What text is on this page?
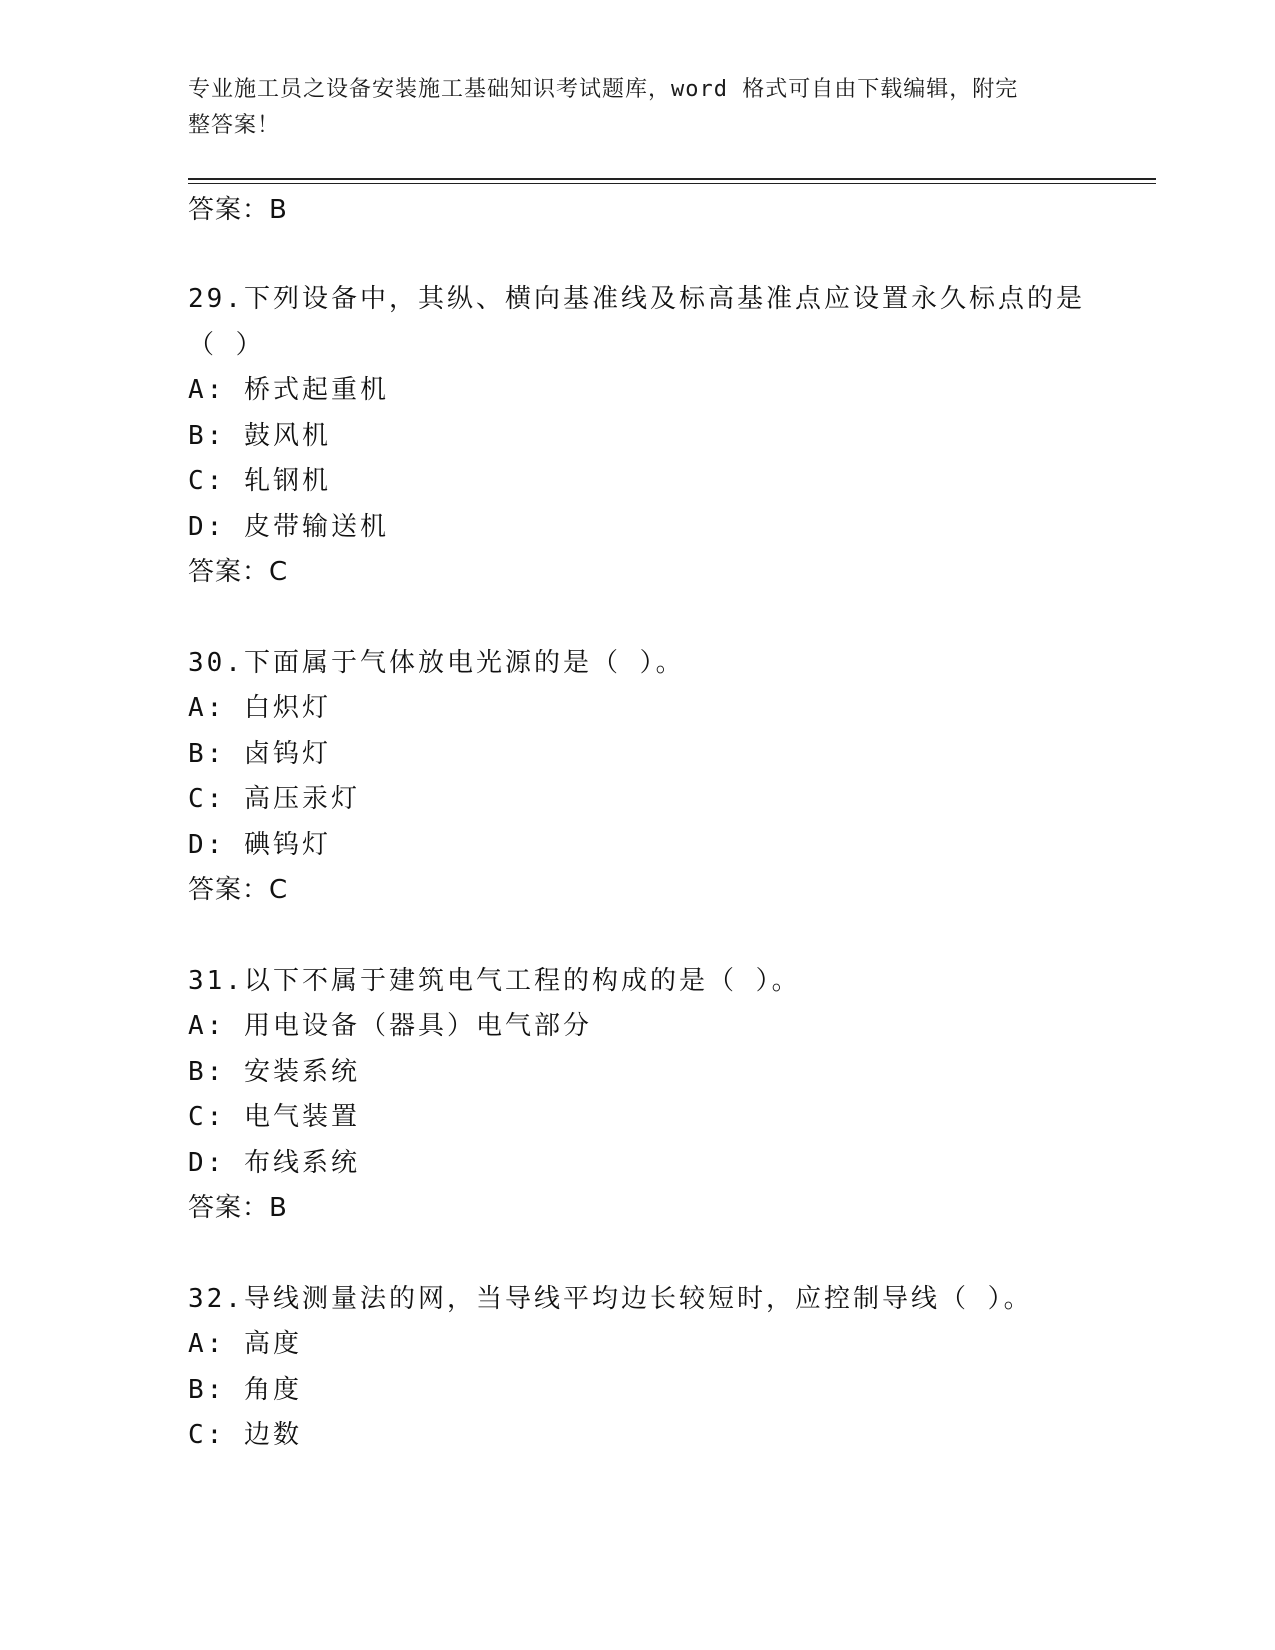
专业施工员之设备安装施工基础知识考试题库，word 格式可自由下载编辑，附完
整答案！
答案：B
29.下列设备中，其纵、横向基准线及标高基准点应设置永久标点的是
（ ）
A: 桥式起重机
B: 鼓风机
C: 轧钢机
D: 皮带输送机
答案：C
30.下面属于气体放电光源的是（ ）。
A: 白炽灯
B: 卤钨灯
C: 高压汞灯
D: 碘钨灯
答案：C
31.以下不属于建筑电气工程的构成的是（ ）。
A: 用电设备（器具）电气部分
B: 安装系统
C: 电气装置
D: 布线系统
答案：B
32.导线测量法的网，当导线平均边长较短时，应控制导线（ ）。
A: 高度
B: 角度
C: 边数
